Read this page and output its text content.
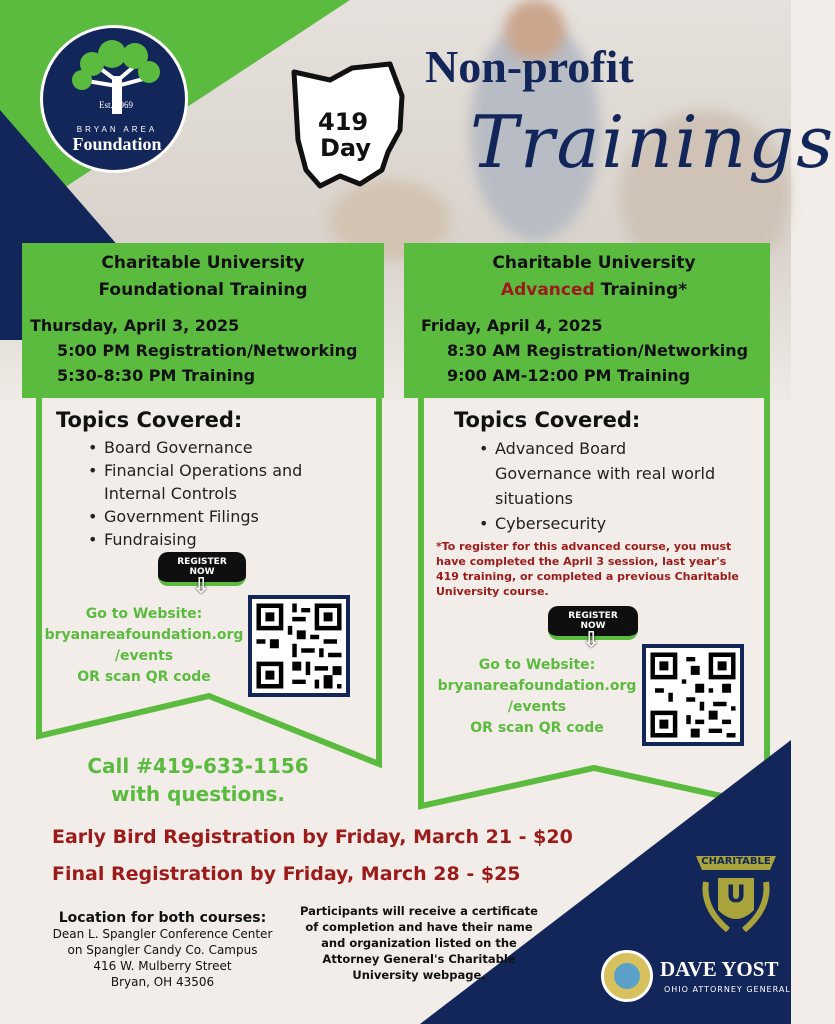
Est. 1969
BRYAN AREA
Foundation
419
Day
Non-profit
Trainings
Charitable University
Foundational Training
Thursday, April 3, 2025
5:00 PM Registration/Networking
5:30-8:30 PM Training
Topics Covered:
• Board Governance
• Financial Operations and
Internal Controls
• Government Filings
• Fundraising
REGISTER NOW
⇩
Go to Website:
bryanareafoundation.org
/events
OR scan QR code
Call #419-633-1156
with questions.
Charitable University
Advanced Training*
Friday, April 4, 2025
8:30 AM Registration/Networking
9:00 AM-12:00 PM Training
Topics Covered:
• Advanced Board
Governance with real world
situations
• Cybersecurity
*To register for this advanced course, you must have completed the April 3 session, last year's 419 training, or completed a previous Charitable University course.
REGISTER NOW
⇩
Go to Website:
bryanareafoundation.org
/events
OR scan QR code
Early Bird Registration by Friday, March 21 - $20
Final Registration by Friday, March 28 - $25
Location for both courses:
Dean L. Spangler Conference Center
on Spangler Candy Co. Campus
416 W. Mulberry Street
Bryan, OH 43506
Participants will receive a certificate of completion and have their name and organization listed on the Attorney General's Charitable University webpage.
CHARITABLE
U
DAVE YOST
OHIO ATTORNEY GENERAL
